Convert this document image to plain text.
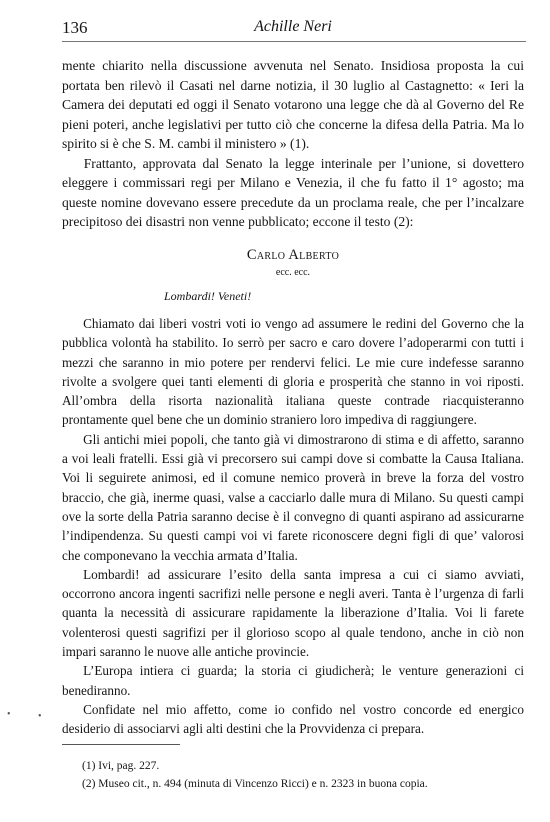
136	Achille Neri

mente chiarito nella discussione avvenuta nel Senato. Insidiosa proposta la cui portata ben rilevò il Casati nel darne notizia, il 30 luglio al Castagnetto: « Ieri la Camera dei deputati ed oggi il Senato votarono una legge che dà al Governo del Re pieni poteri, anche legislativi per tutto ciò che concerne la difesa della Patria. Ma lo spirito si è che S. M. cambi il ministero » (1).

Frattanto, approvata dal Senato la legge interinale per l’unione, si dovettero eleggere i commissari regi per Milano e Venezia, il che fu fatto il 1° agosto; ma queste nomine dovevano essere precedute da un proclama reale, che per l’incalzare precipitoso dei disastri non venne pubblicato; eccone il testo (2):

Carlo Alberto
ecc. ecc.
Lombardi! Veneti!

Chiamato dai liberi vostri voti io vengo ad assumere le redini del Governo che la pubblica volontà ha stabilito. Io serrò per sacro e caro dovere l’adoperarmi con tutti i mezzi che saranno in mio potere per rendervi felici. Le mie cure indefesse saranno rivolte a svolgere quei tanti elementi di gloria e prosperità che stanno in voi riposti. All’ombra della risorta nazionalità italiana queste contrade riacquisteranno prontamente quel bene che un dominio straniero loro impediva di raggiungere.

Gli antichi miei popoli, che tanto già vi dimostrarono di stima e di affetto, saranno a voi leali fratelli. Essi già vi precorsero sui campi dove si combatte la Causa Italiana. Voi li seguirete animosi, ed il comune nemico proverà in breve la forza del vostro braccio, che già, inerme quasi, valse a cacciarlo dalle mura di Milano. Su questi campi ove la sorte della Patria saranno decise è il convegno di quanti aspirano ad assicurarne l’indipendenza. Su questi campi voi vi farete riconoscere degni figli di que’ valorosi che componevano la vecchia armata d’Italia.

Lombardi! ad assicurare l’esito della santa impresa a cui ci siamo avviati, occorrono ancora ingenti sacrifizi nelle persone e negli averi. Tanta è l’urgenza di farli quanta la necessità di assicurare rapidamente la liberazione d’Italia. Voi li farete volenterosi questi sagrifizi per il glorioso scopo al quale tendono, anche in ciò non impari saranno le nuove alle antiche provincie.

L’Europa intiera ci guarda; la storia ci giudicherà; le venture generazioni ci benediranno.

Confidate nel mio affetto, come io confido nel vostro concorde ed energico desiderio di associarvi agli alti destini che la Provvidenza ci prepara.

(1) Ivi, pag. 227.

(2) Museo cit., n. 494 (minuta di Vincenzo Ricci) e n. 2323 in buona copia.

•	•
